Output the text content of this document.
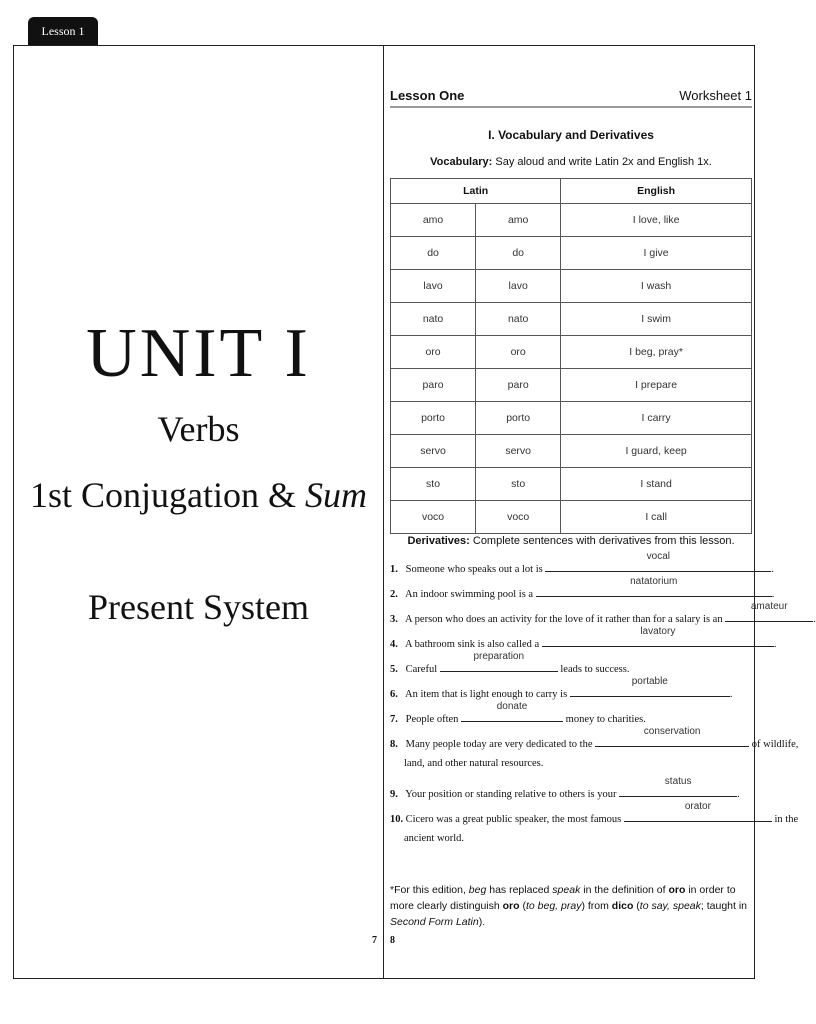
Lesson 1
UNIT I
Verbs
1st Conjugation & Sum
Present System
7 8
Lesson One	Worksheet 1
I. Vocabulary and Derivatives
Vocabulary: Say aloud and write Latin 2x and English 1x.
Latin		English
amo	amo	I love, like
do	do	I give
lavo	lavo	I wash
nato	nato	I swim
oro	oro	I beg, pray*
paro	paro	I prepare
porto	porto	I carry
servo	servo	I guard, keep
sto	sto	I stand
voco	voco	I call
Derivatives: Complete sentences with derivatives from this lesson.
1. Someone who speaks out a lot is
vocal
.
2. An indoor swimming pool is a
natatorium
.
3. A person who does an activity for the love of it rather than for a salary is an
amateur
.
4. A bathroom sink is also called a
lavatory
.
5. Careful
preparation
leads to success.
6. An item that is light enough to carry is
portable
.
7. People often
donate
money to charities.
8. Many people today are very dedicated to the
conservation
of wildlife,
land, and other natural resources.
9. Your position or standing relative to others is your
status
.
10. Cicero was a great public speaker, the most famous
orator
in the
ancient world.
*For this edition, beg has replaced speak in the definition of oro in order to more clearly distinguish oro (to beg, pray) from dico (to say, speak; taught in Second Form Latin).
